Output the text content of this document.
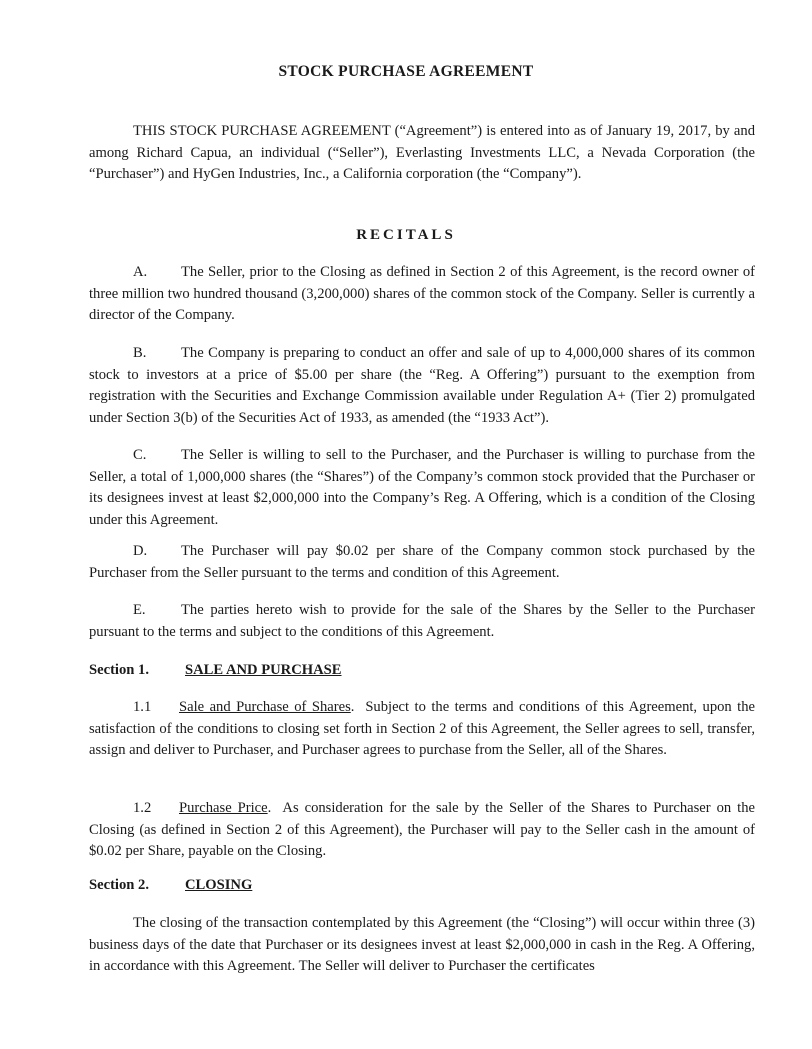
STOCK PURCHASE AGREEMENT

THIS STOCK PURCHASE AGREEMENT (“Agreement”) is entered into as of January 19, 2017, by and among Richard Capua, an individual (“Seller”), Everlasting Investments LLC, a Nevada Corporation (the “Purchaser”) and HyGen Industries, Inc., a California corporation (the “Company”).

RECITALS

A. The Seller, prior to the Closing as defined in Section 2 of this Agreement, is the record owner of three million two hundred thousand (3,200,000) shares of the common stock of the Company. Seller is currently a director of the Company.

B. The Company is preparing to conduct an offer and sale of up to 4,000,000 shares of its common stock to investors at a price of $5.00 per share (the “Reg. A Offering”) pursuant to the exemption from registration with the Securities and Exchange Commission available under Regulation A+ (Tier 2) promulgated under Section 3(b) of the Securities Act of 1933, as amended (the “1933 Act”).

C. The Seller is willing to sell to the Purchaser, and the Purchaser is willing to purchase from the Seller, a total of 1,000,000 shares (the “Shares”) of the Company’s common stock provided that the Purchaser or its designees invest at least $2,000,000 into the Company’s Reg. A Offering, which is a condition of the Closing under this Agreement.

D. The Purchaser will pay $0.02 per share of the Company common stock purchased by the Purchaser from the Seller pursuant to the terms and condition of this Agreement.

E. The parties hereto wish to provide for the sale of the Shares by the Seller to the Purchaser pursuant to the terms and subject to the conditions of this Agreement.

Section 1. SALE AND PURCHASE

1.1 Sale and Purchase of Shares.  Subject to the terms and conditions of this Agreement, upon the satisfaction of the conditions to closing set forth in Section 2 of this Agreement, the Seller agrees to sell, transfer, assign and deliver to Purchaser, and Purchaser agrees to purchase from the Seller, all of the Shares.

1.2 Purchase Price.  As consideration for the sale by the Seller of the Shares to Purchaser on the Closing (as defined in Section 2 of this Agreement), the Purchaser will pay to the Seller cash in the amount of $0.02 per Share, payable on the Closing.

Section 2. CLOSING

The closing of the transaction contemplated by this Agreement (the “Closing”) will occur within three (3) business days of the date that Purchaser or its designees invest at least $2,000,000 in cash in the Reg. A Offering, in accordance with this Agreement. The Seller will deliver to Purchaser the certificates
